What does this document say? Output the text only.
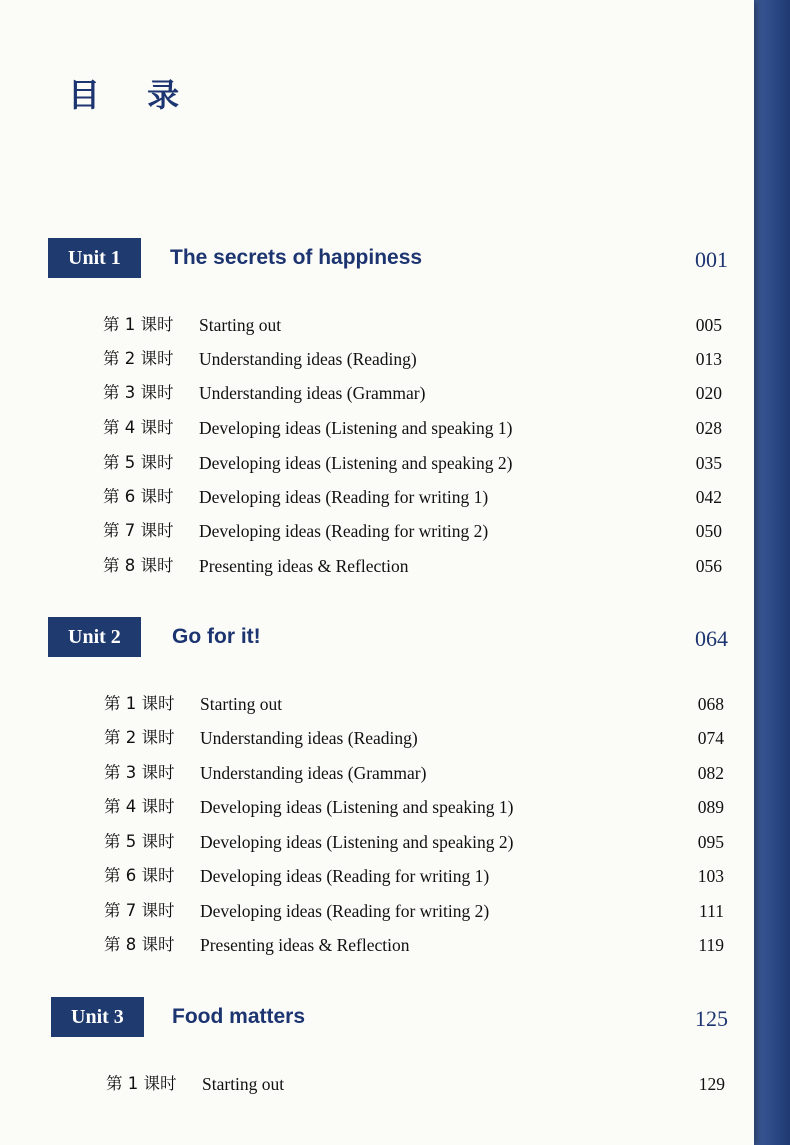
目 录
Unit 1	The secrets of happiness	001
第 1 课时 Starting out	005
第 2 课时 Understanding ideas (Reading)	013
第 3 课时 Understanding ideas (Grammar)	020
第 4 课时 Developing ideas (Listening and speaking 1)	028
第 5 课时 Developing ideas (Listening and speaking 2)	035
第 6 课时 Developing ideas (Reading for writing 1)	042
第 7 课时 Developing ideas (Reading for writing 2)	050
第 8 课时 Presenting ideas & Reflection	056
Unit 2	Go for it!	064
第 1 课时 Starting out	068
第 2 课时 Understanding ideas (Reading)	074
第 3 课时 Understanding ideas (Grammar)	082
第 4 课时 Developing ideas (Listening and speaking 1)	089
第 5 课时 Developing ideas (Listening and speaking 2)	095
第 6 课时 Developing ideas (Reading for writing 1)	103
第 7 课时 Developing ideas (Reading for writing 2)	111
第 8 课时 Presenting ideas & Reflection	119
Unit 3	Food matters	125
第 1 课时 Starting out	129
